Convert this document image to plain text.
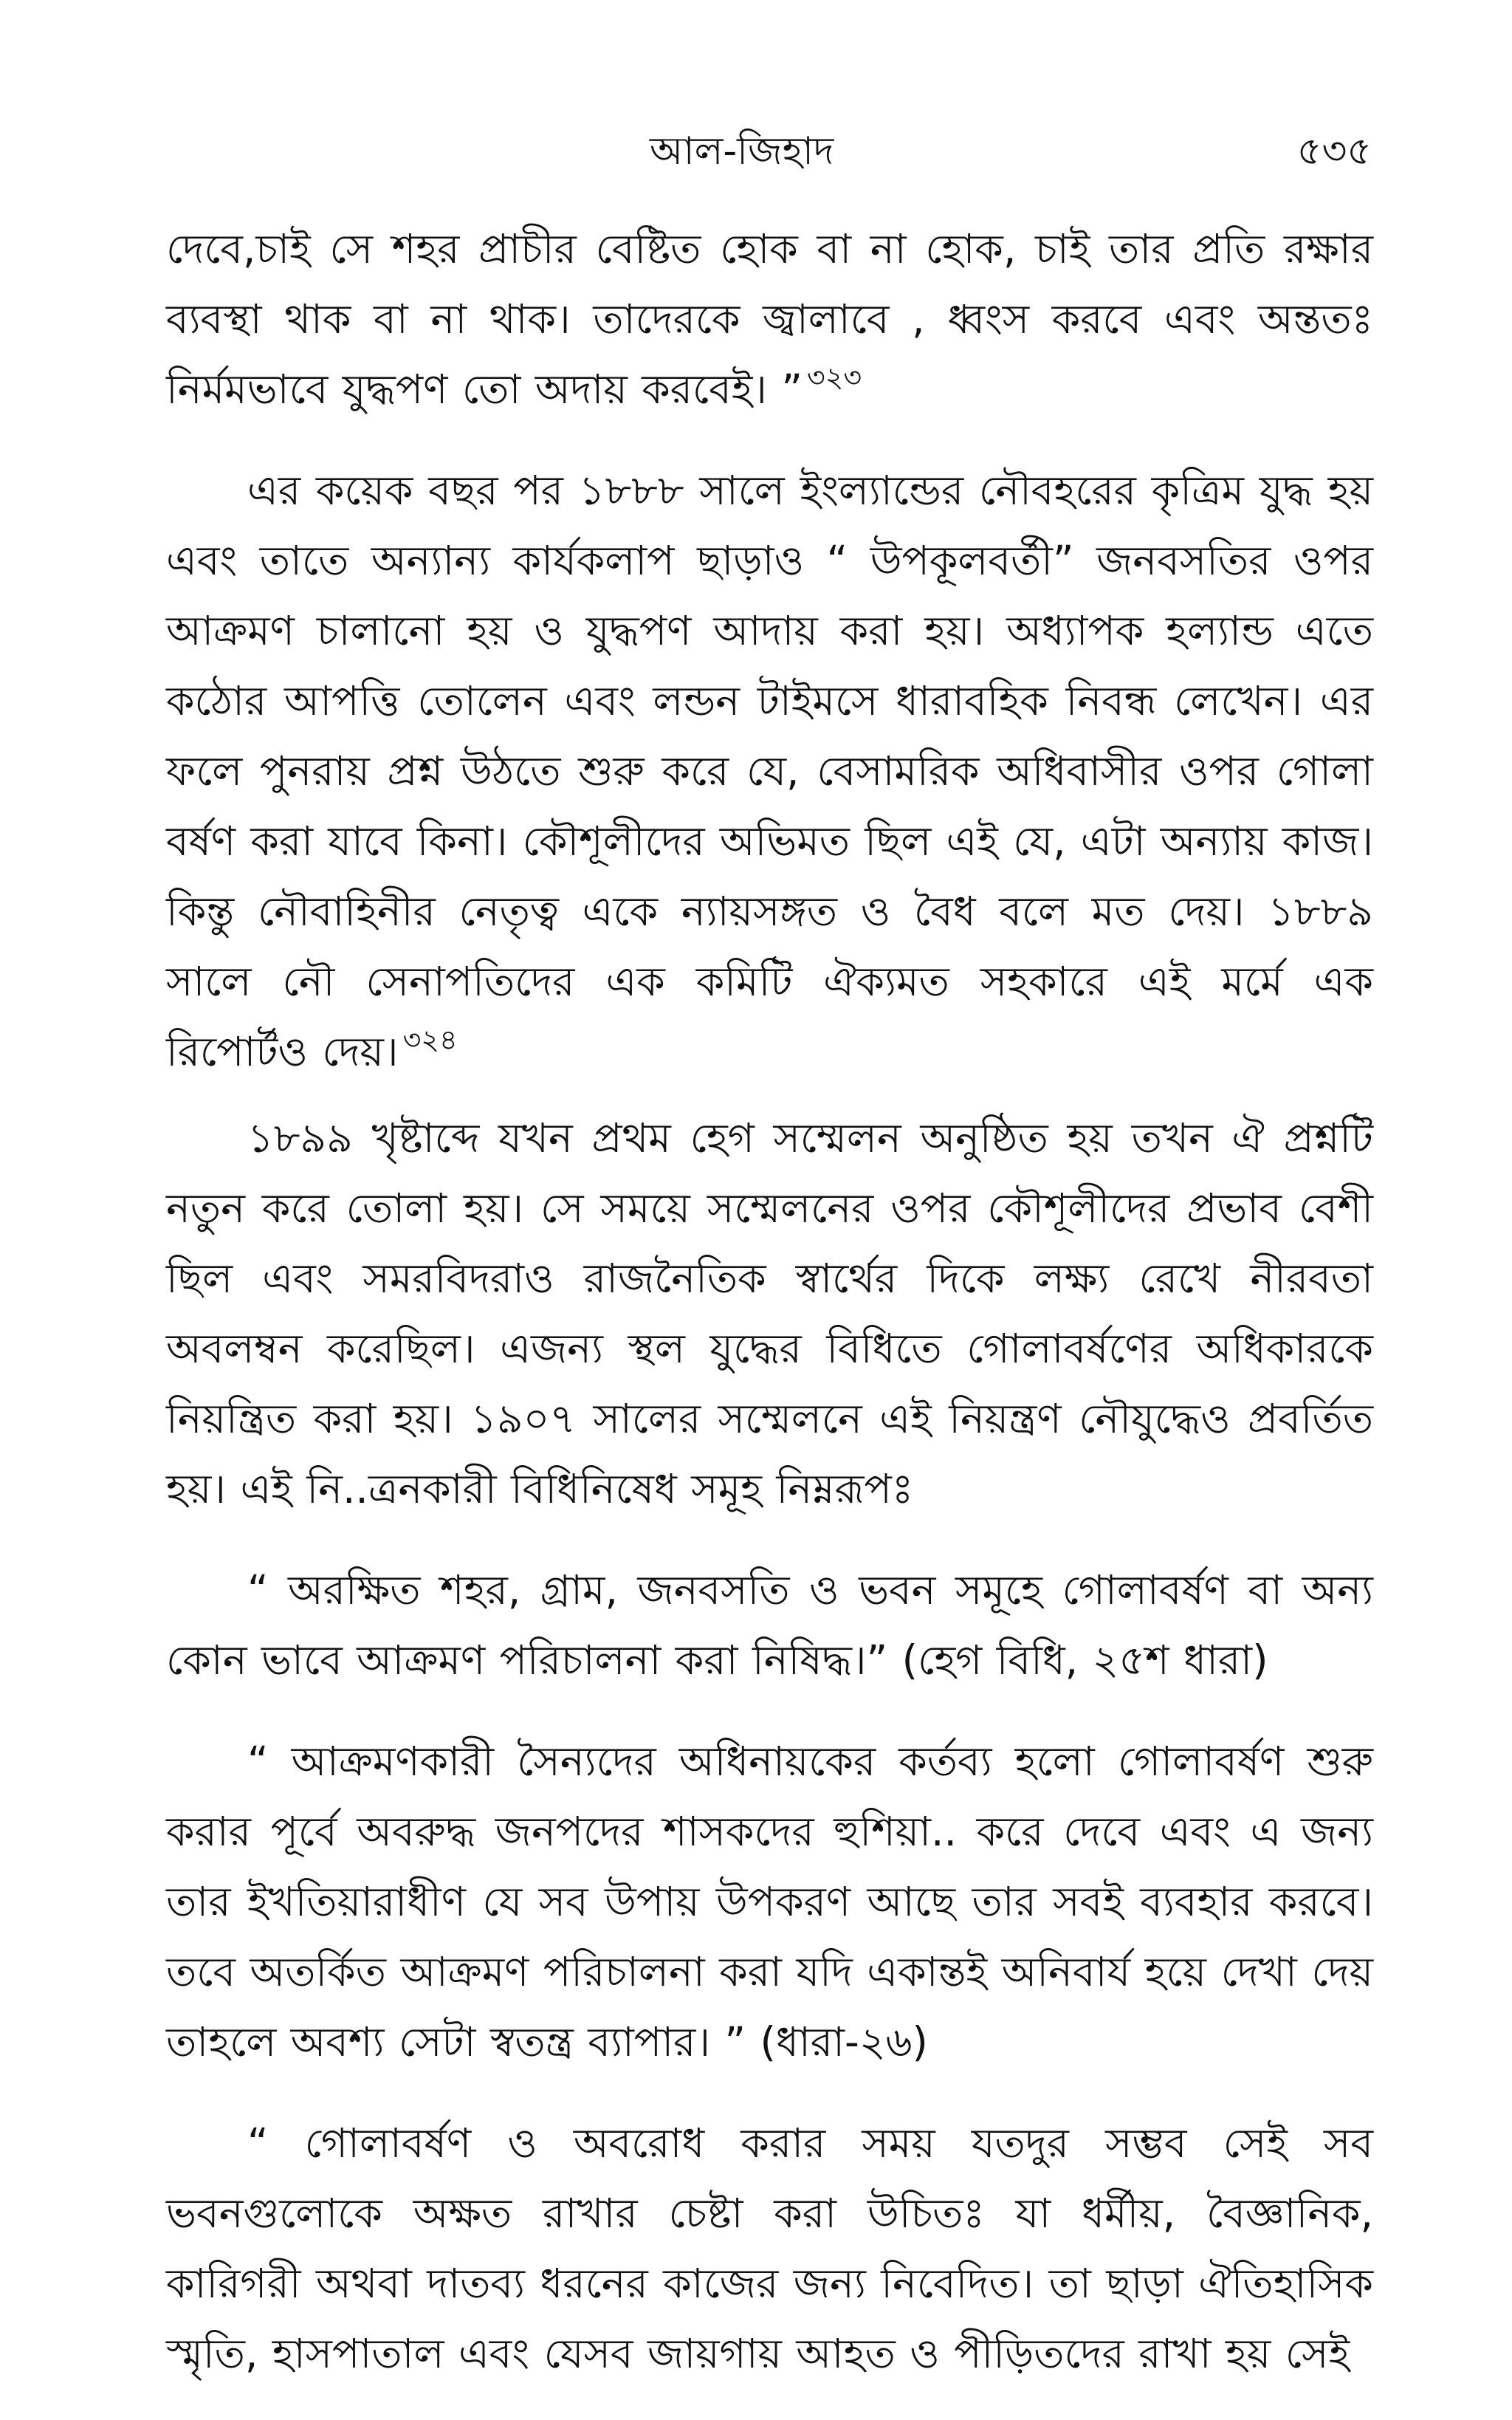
আল-জিহাদ	৫৩৫

দেবে,চাই সে শহর প্রাচীর বেষ্টিত হোক বা না হোক, চাই তার প্রতি রক্ষার ব্যবস্থা থাক বা না থাক। তাদেরকে জ্বালাবে , ধ্বংস করবে এবং অন্ততঃ নির্মমভাবে যুদ্ধপণ তো অদায় করবেই। ” $^{৩২৩}$

এর কয়েক বছর পর ১৮৮৮ সালে ইংল্যান্ডের নৌবহরের কৃত্রিম যুদ্ধ হয় এবং তাতে অন্যান্য কার্যকলাপ ছাড়াও “ উপকূলবর্তী” জনবসতির ওপর আক্রমণ চালানো হয় ও যুদ্ধপণ আদায় করা হয়। অধ্যাপক হল্যান্ড এতে কঠোর আপত্তি তোলেন এবং লন্ডন টাইমসে ধারাবহিক নিবন্ধ লেখেন। এর ফলে পুনরায় প্রশ্ন উঠতে শুরু করে যে, বেসামরিক অধিবাসীর ওপর গোলা বর্ষণ করা যাবে কিনা। কৌশূলীদের অভিমত ছিল এই যে, এটা অন্যায় কাজ। কিন্তু নৌবাহিনীর নেতৃত্ব একে ন্যায়সঙ্গত ও বৈধ বলে মত দেয়। ১৮৮৯ সালে নৌ সেনাপতিদের এক কমিটি ঐক্যমত সহকারে এই মর্মে এক রিপোর্টও দেয়। $^{৩২৪}$

১৮৯৯ খৃষ্টাব্দে যখন প্রথম হেগ সম্মেলন অনুষ্ঠিত হয় তখন ঐ প্রশ্নটি নতুন করে তোলা হয়। সে সময়ে সম্মেলনের ওপর কৌশূলীদের প্রভাব বেশী ছিল এবং সমরবিদরাও রাজনৈতিক স্বার্থের দিকে লক্ষ্য রেখে নীরবতা অবলম্বন করেছিল। এজন্য স্থল যুদ্ধের বিধিতে গোলাবর্ষণের অধিকারকে নিয়ন্ত্রিত করা হয়। ১৯০৭ সালের সম্মেলনে এই নিয়ন্ত্রণ নৌযুদ্ধেও প্রবর্তিত হয়। এই নি..ত্রনকারী বিধিনিষেধ সমূহ নিম্নরূপঃ

“ অরক্ষিত শহর, গ্রাম, জনবসতি ও ভবন সমূহে গোলাবর্ষণ বা অন্য কোন ভাবে আক্রমণ পরিচালনা করা নিষিদ্ধ।” (হেগ বিধি, ২৫শ ধারা)

“ আক্রমণকারী সৈন্যদের অধিনায়কের কর্তব্য হলো গোলাবর্ষণ শুরু করার পূর্বে অবরুদ্ধ জনপদের শাসকদের হুশিয়া.. করে দেবে এবং এ জন্য তার ইখতিয়ারাধীণ যে সব উপায় উপকরণ আছে তার সবই ব্যবহার করবে। তবে অতর্কিত আক্রমণ পরিচালনা করা যদি একান্তই অনিবার্য হয়ে দেখা দেয় তাহলে অবশ্য সেটা স্বতন্ত্র ব্যাপার। ” (ধারা-২৬)

“ গোলাবর্ষণ ও অবরোধ করার সময় যতদুর সম্ভব সেই সব ভবনগুলোকে অক্ষত রাখার চেষ্টা করা উচিতঃ যা ধর্মীয়, বৈজ্ঞানিক, কারিগরী অথবা দাতব্য ধরনের কাজের জন্য নিবেদিত। তা ছাড়া ঐতিহাসিক স্মৃতি, হাসপাতাল এবং যেসব জায়গায় আহত ও পীড়িতদের রাখা হয় সেই
